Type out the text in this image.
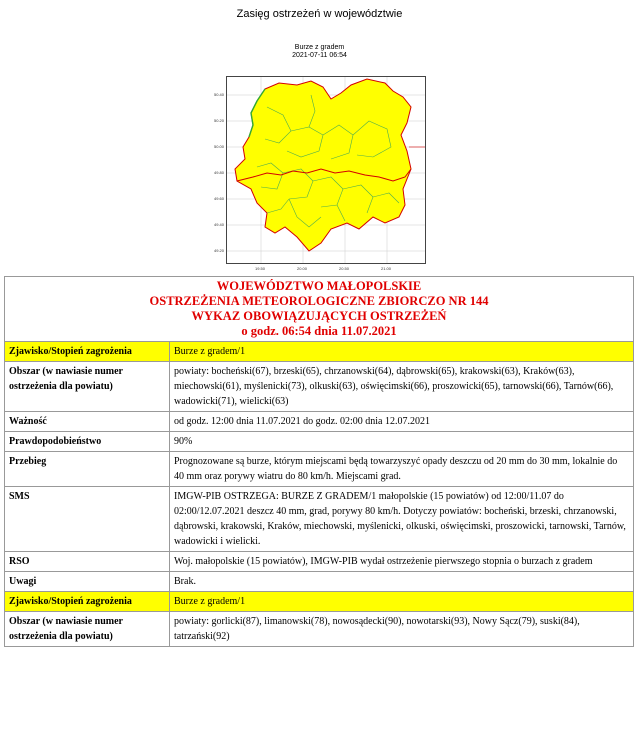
Zasięg ostrzeżeń w województwie
Burze z gradem
2021-07-11 06:54
50.40
50.20
50.00
49.80
49.60
49.40
49.20
19.50	20.00	20.50	21.00
WOJEWÓDZTWO MAŁOPOLSKIE
OSTRZEŻENIA METEOROLOGICZNE ZBIORCZO NR 144
WYKAZ OBOWIĄZUJĄCYCH OSTRZEŻEŃ
o godz. 06:54 dnia 11.07.2021	

Zjawisko/Stopień zagrożenia	Burze z gradem/1
Obszar (w nawiasie numer ostrzeżenia dla powiatu)	powiaty: bocheński(67), brzeski(65), chrzanowski(64), dąbrowski(65), krakowski(63), Kraków(63), miechowski(61), myślenicki(73), olkuski(63), oświęcimski(66), proszowicki(65), tarnowski(66), Tarnów(66), wadowicki(71), wielicki(63)
Ważność	od godz. 12:00 dnia 11.07.2021 do godz. 02:00 dnia 12.07.2021
Prawdopodobieństwo	90%
Przebieg	Prognozowane są burze, którym miejscami będą towarzyszyć opady deszczu od 20 mm do 30 mm, lokalnie do 40 mm oraz porywy wiatru do 80 km/h. Miejscami grad.
SMS	IMGW-PIB OSTRZEGA: BURZE Z GRADEM/1 małopolskie (15 powiatów) od 12:00/11.07 do 02:00/12.07.2021 deszcz 40 mm, grad, porywy 80 km/h. Dotyczy powiatów: bocheński, brzeski, chrzanowski, dąbrowski, krakowski, Kraków, miechowski, myślenicki, olkuski, oświęcimski, proszowicki, tarnowski, Tarnów, wadowicki i wielicki.
RSO	Woj. małopolskie (15 powiatów), IMGW-PIB wydał ostrzeżenie pierwszego stopnia o burzach z gradem
Uwagi	Brak.
Zjawisko/Stopień zagrożenia	Burze z gradem/1
Obszar (w nawiasie numer ostrzeżenia dla powiatu)	powiaty: gorlicki(87), limanowski(78), nowosądecki(90), nowotarski(93), Nowy Sącz(79), suski(84), tatrzański(92)
